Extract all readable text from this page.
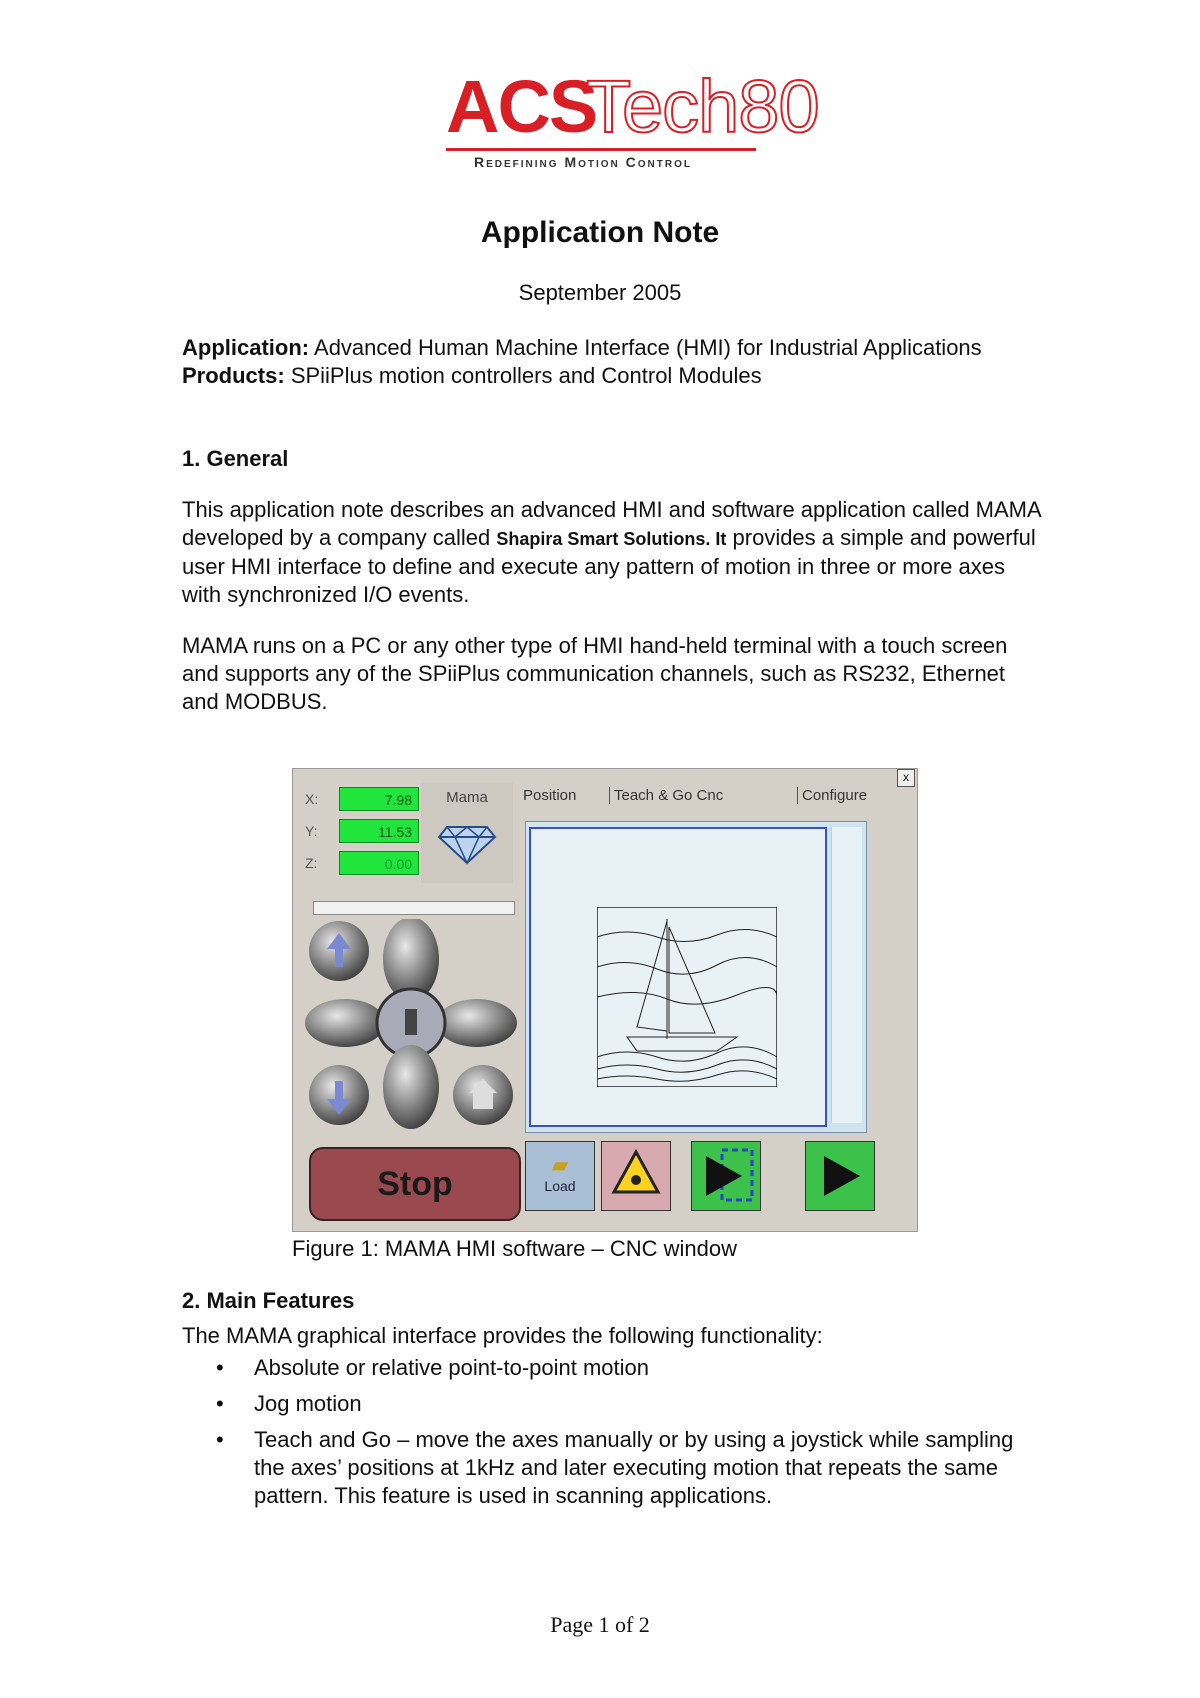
ACS
Tech80
Redefining Motion Control
Application Note
September 2005

Application: Advanced Human Machine Interface (HMI) for Industrial Applications
Products: SPiiPlus motion controllers and Control Modules

1. General

This application note describes an advanced HMI and software application called MAMA developed by a company called Shapira Smart Solutions. It provides a simple and powerful user HMI interface to define and execute any pattern of motion in three or more axes with synchronized I/O events.

MAMA runs on a PC or any other type of HMI hand-held terminal with a touch screen and supports any of the SPiiPlus communication channels, such as RS232, Ethernet and MODBUS.

x
X:	7.98
Y:	11.53
Z:	0.00
Mama	Position	Teach & Go Cnc	Configure
Stop
▰
Load
Figure 1: MAMA HMI software – CNC window
2. Main Features

The MAMA graphical interface provides the following functionality:

• Absolute or relative point-to-point motion
• Jog motion
• Teach and Go – move the axes manually or by using a joystick while sampling the axes’ positions at 1kHz and later executing motion that repeats the same pattern. This feature is used in scanning applications.
Page 1 of 2
